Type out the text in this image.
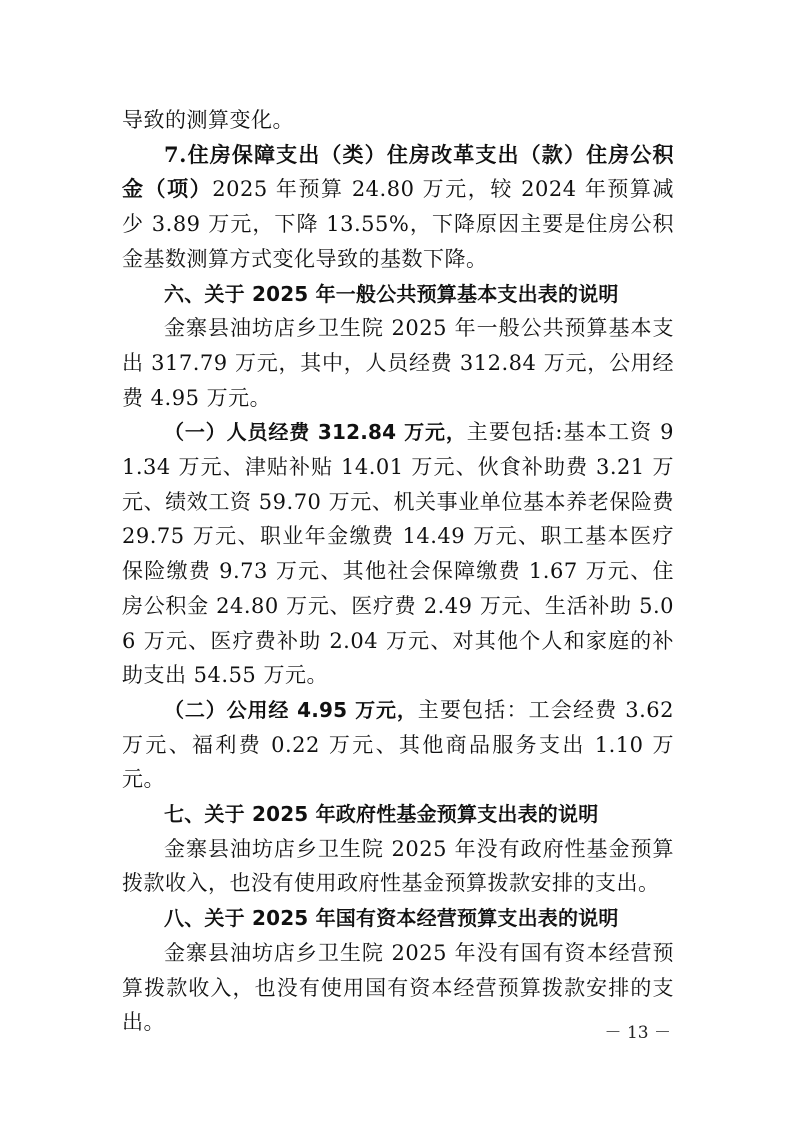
导致的测算变化。

7.住房保障支出（类）住房改革支出（款）住房公积金（项）2025 年预算 24.80 万元，较 2024 年预算减少 3.89 万元，下降 13.55%，下降原因主要是住房公积金基数测算方式变化导致的基数下降。

六、关于 2025 年一般公共预算基本支出表的说明

金寨县油坊店乡卫生院 2025 年一般公共预算基本支出 317.79 万元，其中，人员经费 312.84 万元，公用经费 4.95 万元。

（一）人员经费 312.84 万元，主要包括:基本工资 91.34 万元、津贴补贴 14.01 万元、伙食补助费 3.21 万元、绩效工资 59.70 万元、机关事业单位基本养老保险费 29.75 万元、职业年金缴费 14.49 万元、职工基本医疗保险缴费 9.73 万元、其他社会保障缴费 1.67 万元、住房公积金 24.80 万元、医疗费 2.49 万元、生活补助 5.06 万元、医疗费补助 2.04 万元、对其他个人和家庭的补助支出 54.55 万元。

（二）公用经 4.95 万元，主要包括：工会经费 3.62 万元、福利费 0.22 万元、其他商品服务支出 1.10 万元。

七、关于 2025 年政府性基金预算支出表的说明

金寨县油坊店乡卫生院 2025 年没有政府性基金预算拨款收入，也没有使用政府性基金预算拨款安排的支出。

八、关于 2025 年国有资本经营预算支出表的说明

金寨县油坊店乡卫生院 2025 年没有国有资本经营预算拨款收入，也没有使用国有资本经营预算拨款安排的支出。	－ 13 －
